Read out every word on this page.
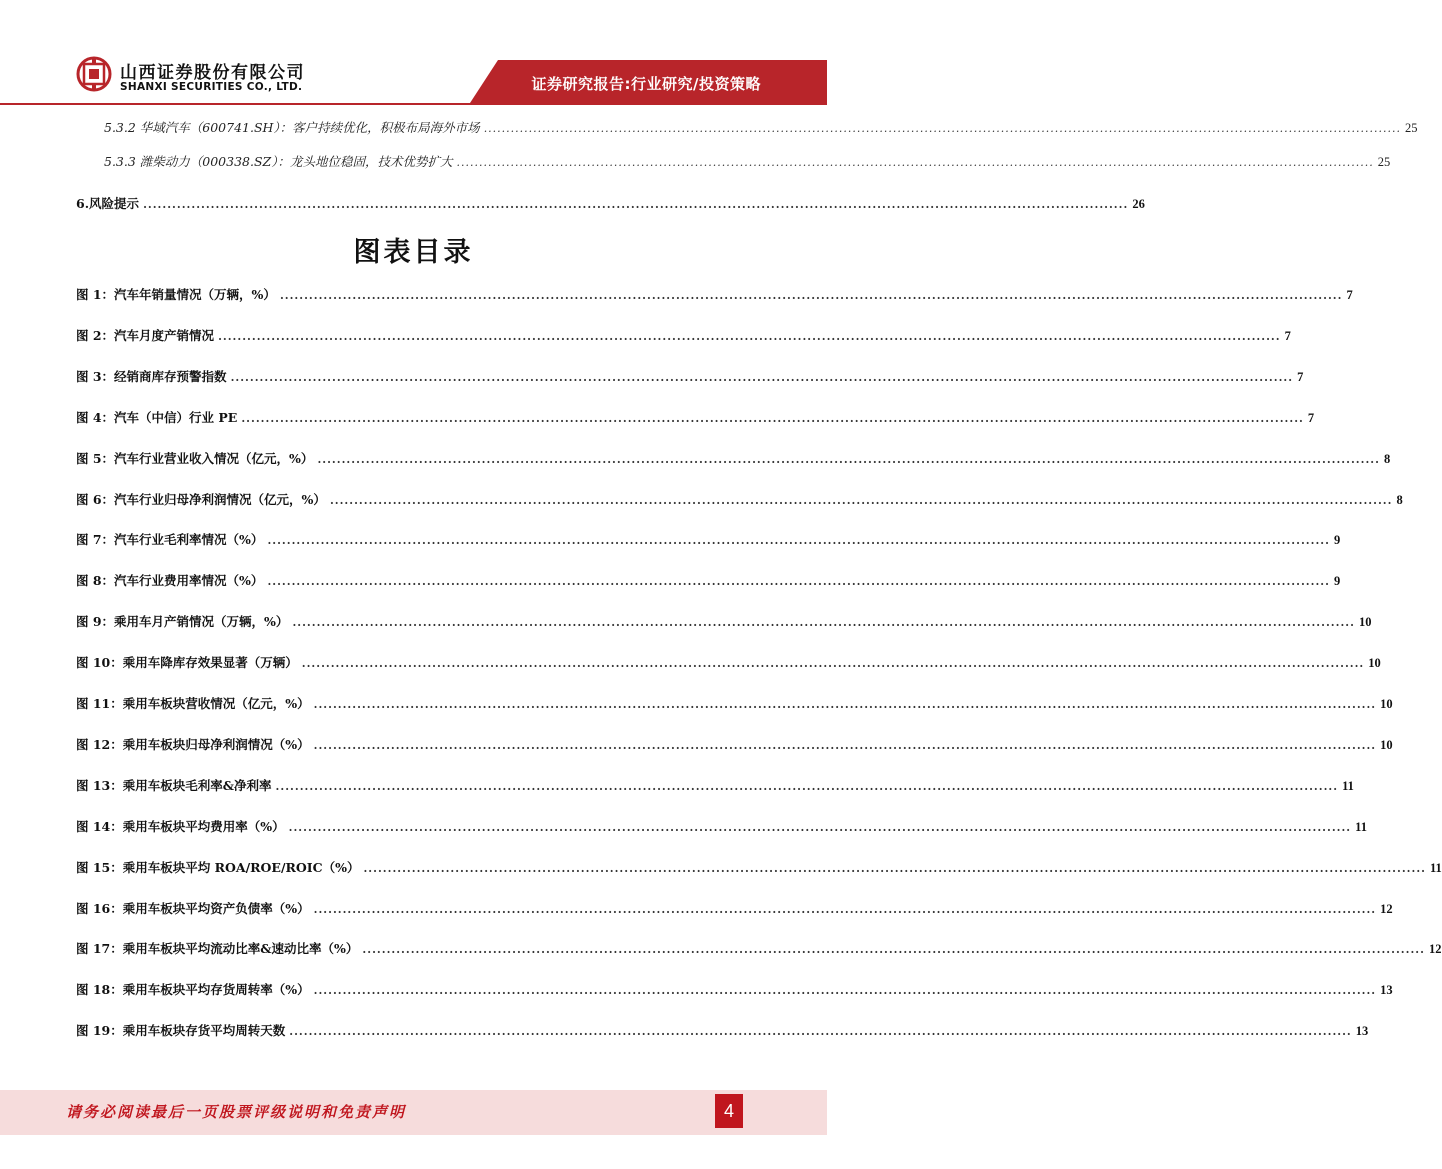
山西证券股份有限公司
SHANXI SECURITIES CO., LTD.	证券研究报告:行业研究/投资策略
5.3.2 华域汽车（600741.SH）：客户持续优化，积极布局海外市场 ............................................................................................................................................................................................................ 25
5.3.3 潍柴动力（000338.SZ）：龙头地位稳固，技术优势扩大 ............................................................................................................................................................................................................ 25
6.风险提示 ............................................................................................................................................................................................................ 26
图表目录
图 1：汽车年销量情况（万辆，%） ............................................................................................................................................................................................................................ 7
图 2：汽车月度产销情况 ............................................................................................................................................................................................................................ 7
图 3：经销商库存预警指数 ............................................................................................................................................................................................................................ 7
图 4：汽车（中信）行业 PE ............................................................................................................................................................................................................................ 7
图 5：汽车行业营业收入情况（亿元，%） ............................................................................................................................................................................................................................ 8
图 6：汽车行业归母净利润情况（亿元，%） ............................................................................................................................................................................................................................ 8
图 7：汽车行业毛利率情况（%） ............................................................................................................................................................................................................................ 9
图 8：汽车行业费用率情况（%） ............................................................................................................................................................................................................................ 9
图 9：乘用车月产销情况（万辆，%） ............................................................................................................................................................................................................................ 10
图 10：乘用车降库存效果显著（万辆） ............................................................................................................................................................................................................................ 10
图 11：乘用车板块营收情况（亿元，%） ............................................................................................................................................................................................................................ 10
图 12：乘用车板块归母净利润情况（%） ............................................................................................................................................................................................................................ 10
图 13：乘用车板块毛利率&净利率 ............................................................................................................................................................................................................................ 11
图 14：乘用车板块平均费用率（%） ............................................................................................................................................................................................................................ 11
图 15：乘用车板块平均 ROA/ROE/ROIC（%） ............................................................................................................................................................................................................................ 11
图 16：乘用车板块平均资产负债率（%） ............................................................................................................................................................................................................................ 12
图 17：乘用车板块平均流动比率&速动比率（%） ............................................................................................................................................................................................................................ 12
图 18：乘用车板块平均存货周转率（%） ............................................................................................................................................................................................................................ 13
图 19：乘用车板块存货平均周转天数 ............................................................................................................................................................................................................................ 13
请务必阅读最后一页股票评级说明和免责声明	4
